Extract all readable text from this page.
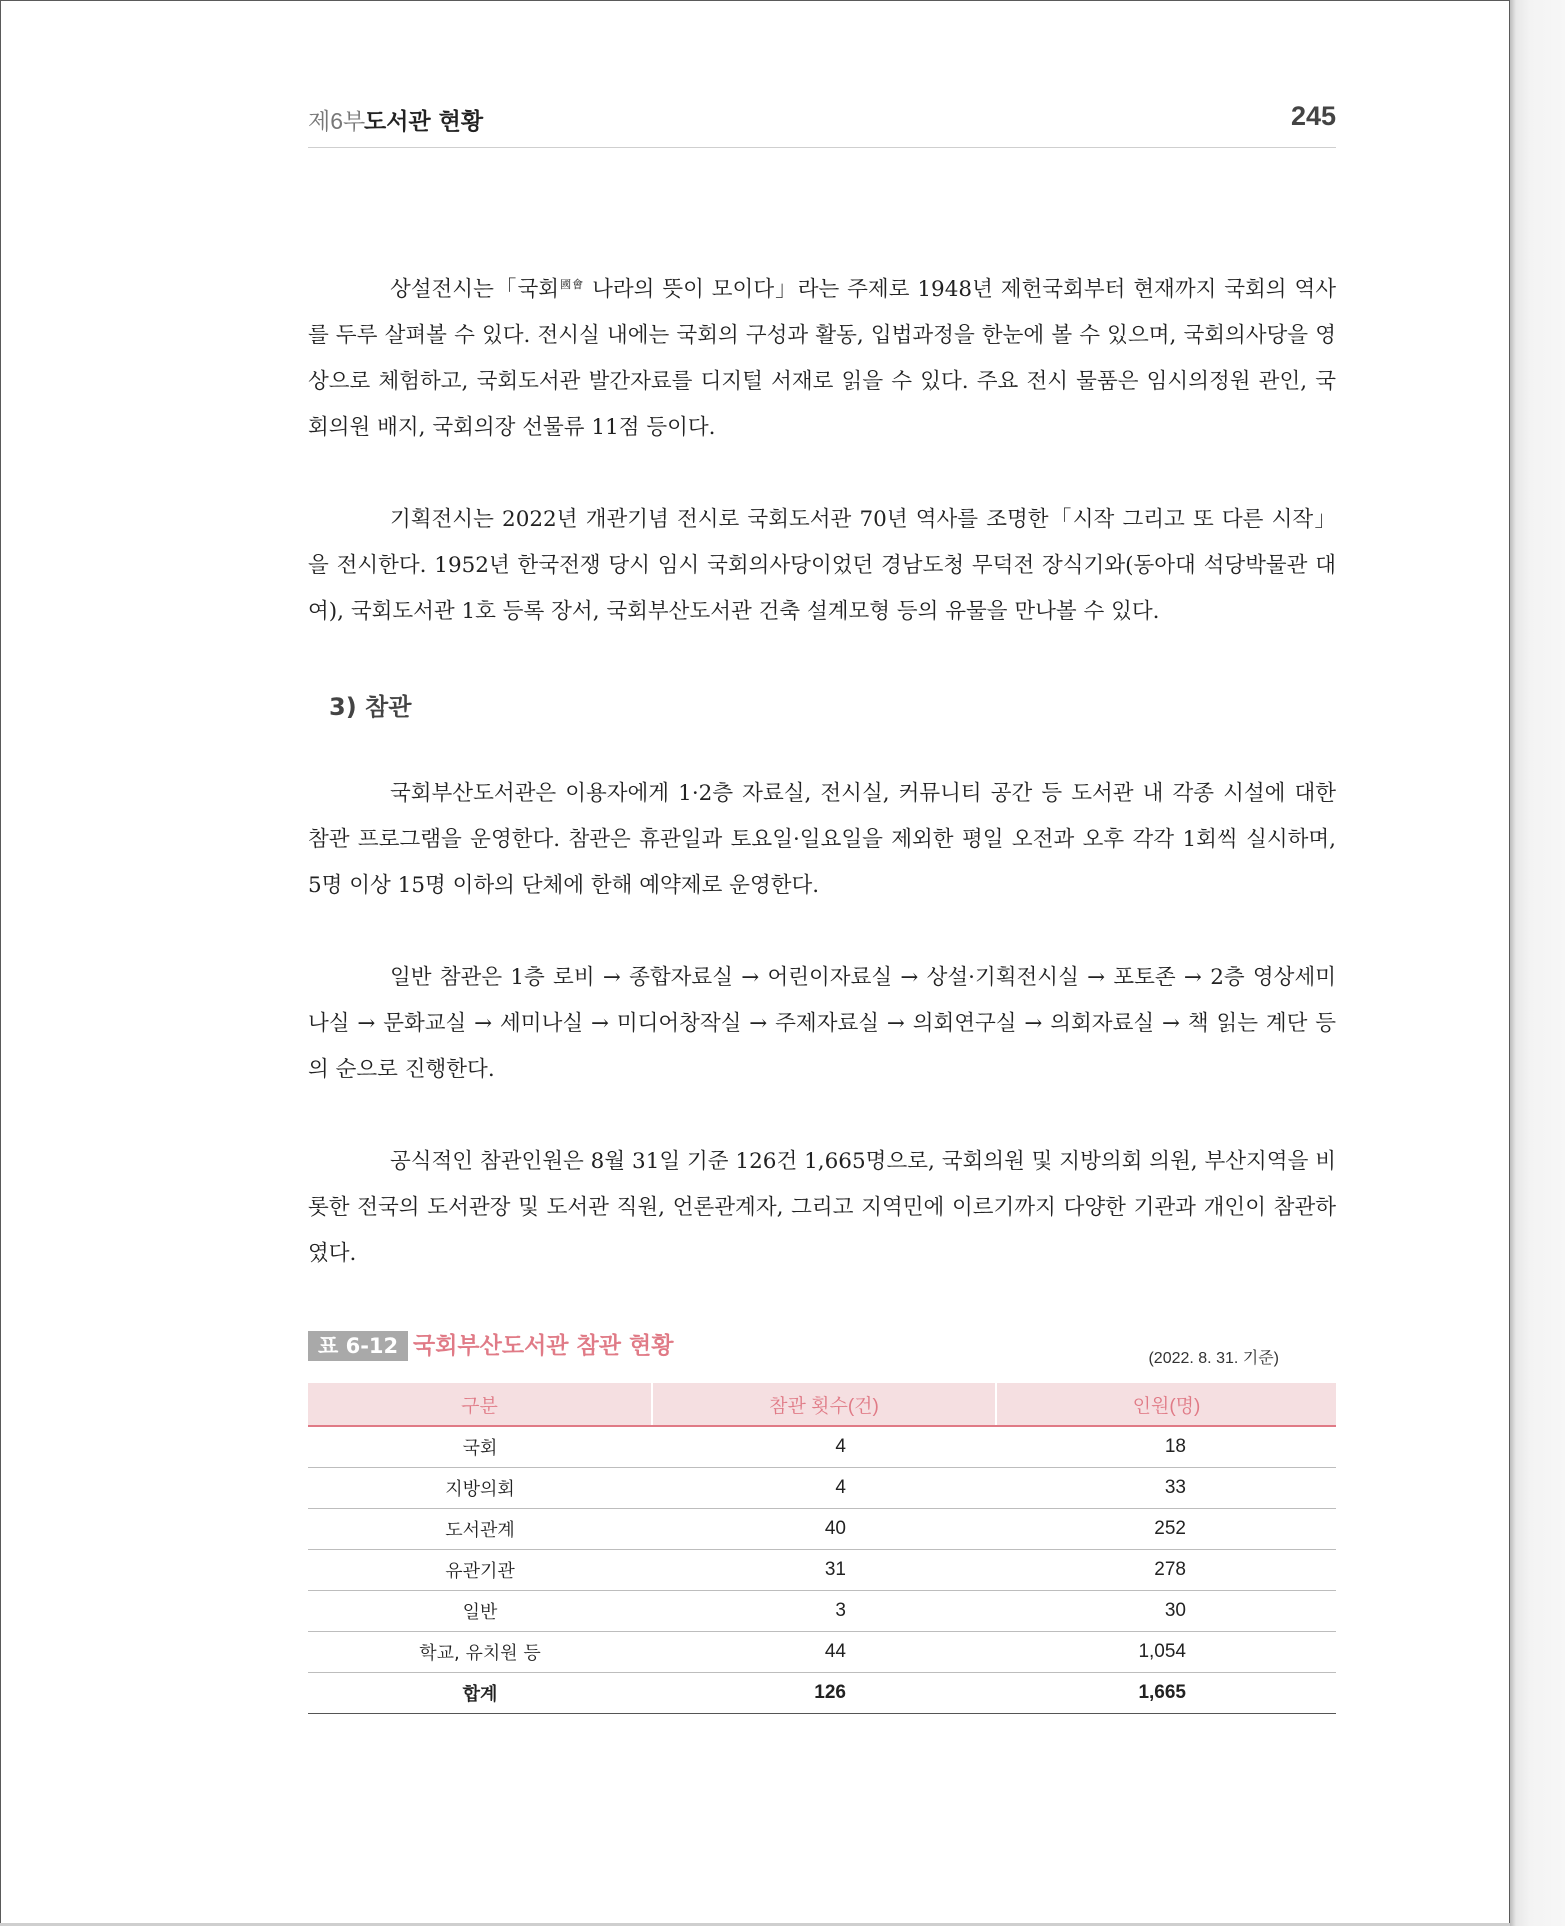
제6부
도서관 현황	245

상설전시는「국회$^{國會}$ 나라의 뜻이 모이다」라는 주제로 1948년 제헌국회부터 현재까지 국회의 역사를 두루 살펴볼 수 있다. 전시실 내에는 국회의 구성과 활동, 입법과정을 한눈에 볼 수 있으며, 국회의사당을 영상으로 체험하고, 국회도서관 발간자료를 디지털 서재로 읽을 수 있다. 주요 전시 물품은 임시의정원 관인, 국회의원 배지, 국회의장 선물류 11점 등이다.

기획전시는 2022년 개관기념 전시로 국회도서관 70년 역사를 조명한「시작 그리고 또 다른 시작」을 전시한다. 1952년 한국전쟁 당시 임시 국회의사당이었던 경남도청 무덕전 장식기와(동아대 석당박물관 대여), 국회도서관 1호 등록 장서, 국회부산도서관 건축 설계모형 등의 유물을 만나볼 수 있다.

3) 참관

국회부산도서관은 이용자에게 1·2층 자료실, 전시실, 커뮤니티 공간 등 도서관 내 각종 시설에 대한 참관 프로그램을 운영한다. 참관은 휴관일과 토요일·일요일을 제외한 평일 오전과 오후 각각 1회씩 실시하며, 5명 이상 15명 이하의 단체에 한해 예약제로 운영한다.

일반 참관은 1층 로비 → 종합자료실 → 어린이자료실 → 상설·기획전시실 → 포토존 → 2층 영상세미나실 → 문화교실 → 세미나실 → 미디어창작실 → 주제자료실 → 의회연구실 → 의회자료실 → 책 읽는 계단 등의 순으로 진행한다.

공식적인 참관인원은 8월 31일 기준 126건 1,665명으로, 국회의원 및 지방의회 의원, 부산지역을 비롯한 전국의 도서관장 및 도서관 직원, 언론관계자, 그리고 지역민에 이르기까지 다양한 기관과 개인이 참관하였다.

표 6-12 국회부산도서관 참관 현황	(2022. 8. 31. 기준)
구분	참관 횟수(건)	인원(명)
국회	4	18
지방의회	4	33
도서관계	40	252
유관기관	31	278
일반	3	30
학교, 유치원 등	44	1,054
합계	126	1,665
